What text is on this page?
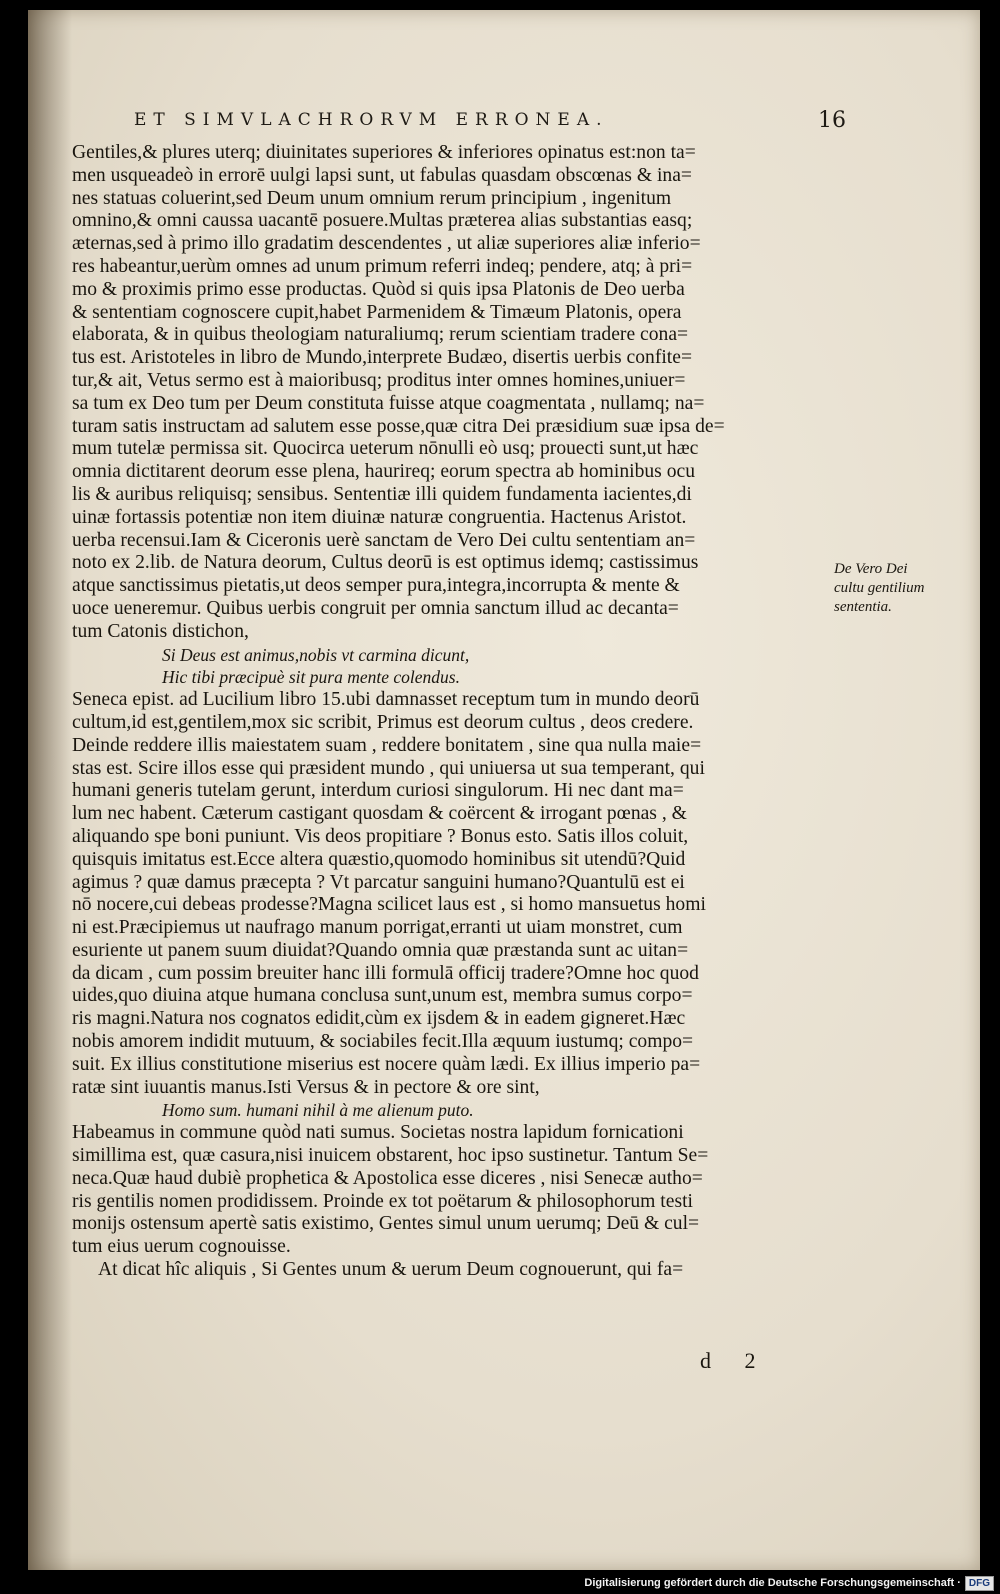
ET SIMVLACHRORVM ERRONEA.	16
Gentiles,& plures uterq; diuinitates superiores & inferiores opinatus est:non ta=
men usqueadeò in errorē uulgi lapsi sunt, ut fabulas quasdam obscœnas & ina=
nes statuas coluerint,sed Deum unum omnium rerum principium , ingenitum
omnino,& omni caussa uacantē posuere.Multas præterea alias substantias easq;
æternas,sed à primo illo gradatim descendentes , ut aliæ superiores aliæ inferio=
res habeantur,uerùm omnes ad unum primum referri indeq; pendere, atq; à pri=
mo & proximis primo esse productas. Quòd si quis ipsa Platonis de Deo uerba
& sententiam cognoscere cupit,habet Parmenidem & Timæum Platonis, opera
elaborata, & in quibus theologiam naturaliumq; rerum scientiam tradere cona=
tus est. Aristoteles in libro de Mundo,interprete Budæo, disertis uerbis confite=
tur,& ait, Vetus sermo est à maioribusq; proditus inter omnes homines,uniuer=
sa tum ex Deo tum per Deum constituta fuisse atque coagmentata , nullamq; na=
turam satis instructam ad salutem esse posse,quæ citra Dei præsidium suæ ipsa de=
mum tutelæ permissa sit. Quocirca ueterum nōnulli eò usq; prouecti sunt,ut hæc
omnia dictitarent deorum esse plena, haurireq; eorum spectra ab hominibus ocu
lis & auribus reliquisq; sensibus. Sententiæ illi quidem fundamenta iacientes,di
uinæ fortassis potentiæ non item diuinæ naturæ congruentia. Hactenus Aristot.
uerba recensui.Iam & Ciceronis uerè sanctam de Vero Dei cultu sententiam an=
noto ex 2.lib. de Natura deorum, Cultus deorū is est optimus idemq; castissimus
atque sanctissimus pietatis,ut deos semper pura,integra,incorrupta & mente &
uoce ueneremur. Quibus uerbis congruit per omnia sanctum illud ac decanta=
tum Catonis distichon,
Si Deus est animus,nobis vt carmina dicunt,
Hic tibi præcipuè sit pura mente colendus.
Seneca epist. ad Lucilium libro 15.ubi damnasset receptum tum in mundo deorū
cultum,id est,gentilem,mox sic scribit, Primus est deorum cultus , deos credere.
Deinde reddere illis maiestatem suam , reddere bonitatem , sine qua nulla maie=
stas est. Scire illos esse qui præsident mundo , qui uniuersa ut sua temperant, qui
humani generis tutelam gerunt, interdum curiosi singulorum. Hi nec dant ma=
lum nec habent. Cæterum castigant quosdam & coërcent & irrogant pœnas , &
aliquando spe boni puniunt. Vis deos propitiare ? Bonus esto. Satis illos coluit,
quisquis imitatus est.Ecce altera quæstio,quomodo hominibus sit utendū?Quid
agimus ? quæ damus præcepta ? Vt parcatur sanguini humano?Quantulū est ei
nō nocere,cui debeas prodesse?Magna scilicet laus est , si homo mansuetus homi
ni est.Præcipiemus ut naufrago manum porrigat,erranti ut uiam monstret, cum
esuriente ut panem suum diuidat?Quando omnia quæ præstanda sunt ac uitan=
da dicam , cum possim breuiter hanc illi formulā officij tradere?Omne hoc quod
uides,quo diuina atque humana conclusa sunt,unum est, membra sumus corpo=
ris magni.Natura nos cognatos edidit,cùm ex ijsdem & in eadem gigneret.Hæc
nobis amorem indidit mutuum, & sociabiles fecit.Illa æquum iustumq; compo=
suit. Ex illius constitutione miserius est nocere quàm lædi. Ex illius imperio pa=
ratæ sint iuuantis manus.Isti Versus & in pectore & ore sint,
Homo sum. humani nihil à me alienum puto.
Habeamus in commune quòd nati sumus. Societas nostra lapidum fornicationi
simillima est, quæ casura,nisi inuicem obstarent, hoc ipso sustinetur. Tantum Se=
neca.Quæ haud dubiè prophetica & Apostolica esse diceres , nisi Senecæ autho=
ris gentilis nomen prodidissem. Proinde ex tot poëtarum & philosophorum testi
monijs ostensum apertè satis existimo, Gentes simul unum uerumq; Deū & cul=
tum eius uerum cognouisse.
At dicat hîc aliquis , Si Gentes unum & uerum Deum cognouerunt, qui fa=
De Vero Dei
cultu gentilium
sententia.
d 2
Digitalisierung gefördert durch die Deutsche Forschungsgemeinschaft · DFG
